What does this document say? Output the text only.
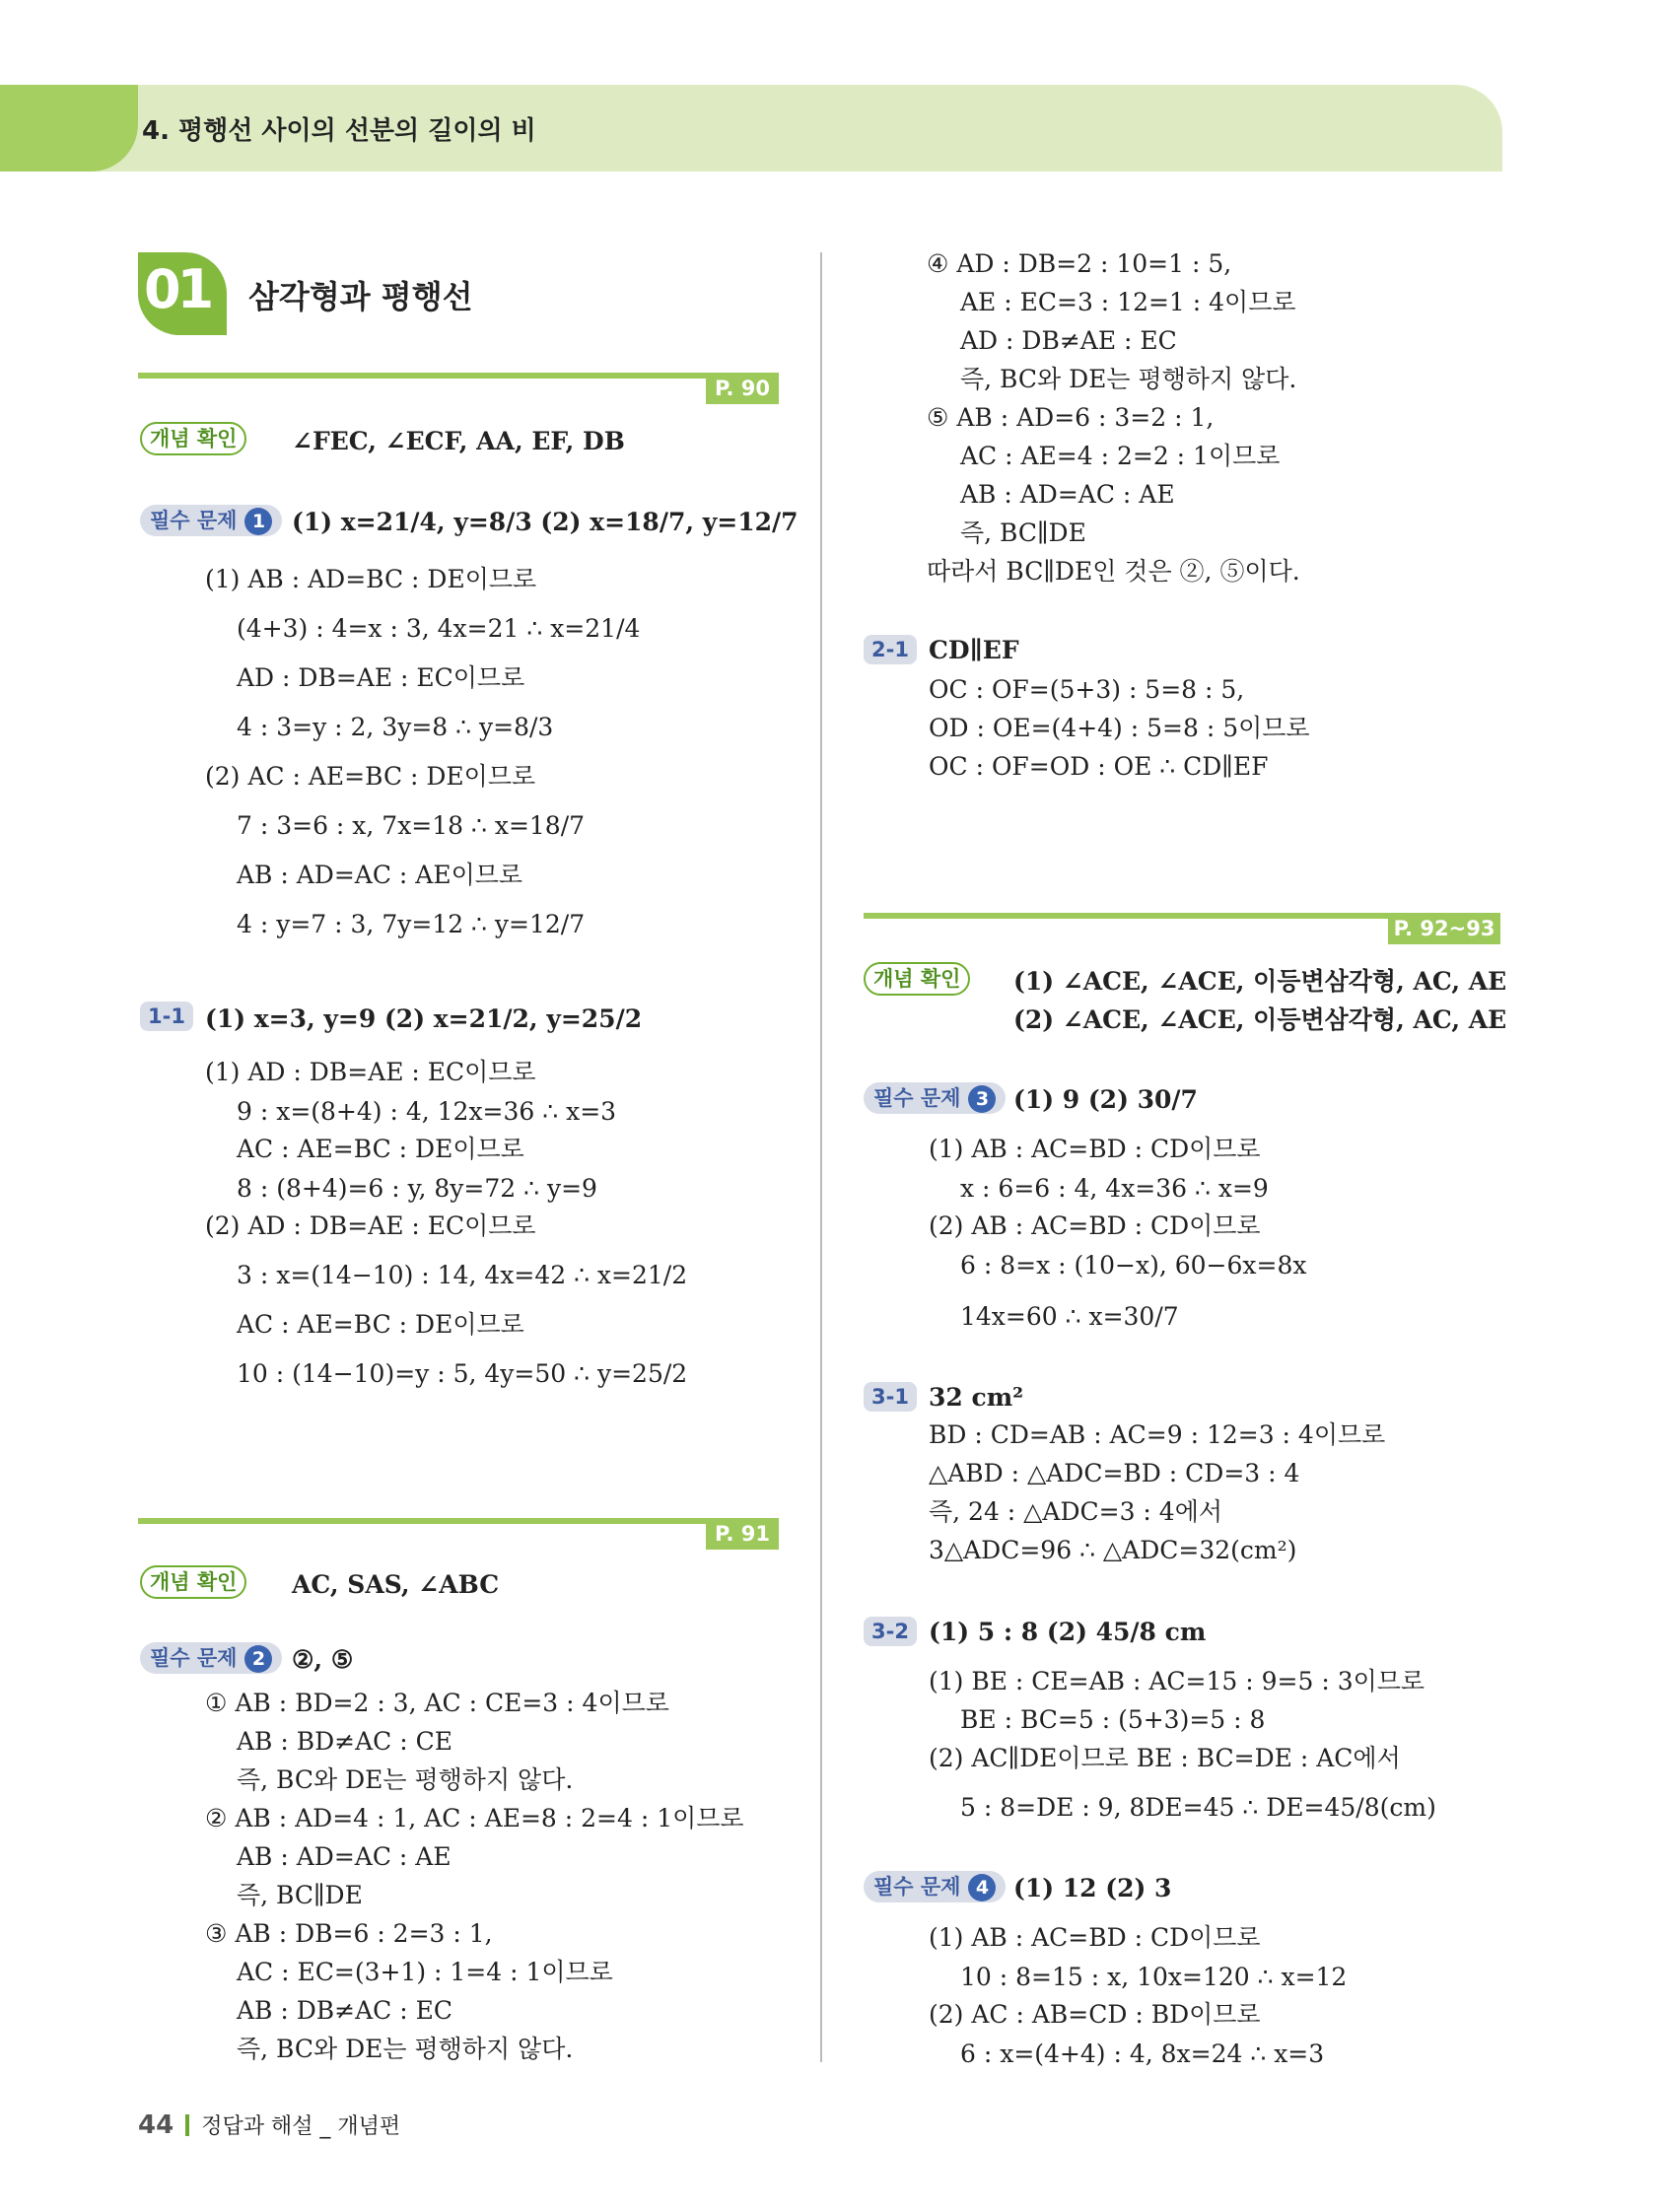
4. 평행선 사이의 선분의 길이의 비
01 삼각형과 평행선
P. 90
개념 확인	∠FEC, ∠ECF, AA, EF, DB
필수 문제 1	(1) x=21/4, y=8/3 (2) x=18/7, y=12/7
(1) AB : AD=BC : DE이므로
(4+3) : 4=x : 3, 4x=21 ∴ x=21/4
AD : DB=AE : EC이므로
4 : 3=y : 2, 3y=8 ∴ y=8/3
(2) AC : AE=BC : DE이므로
7 : 3=6 : x, 7x=18 ∴ x=18/7
AB : AD=AC : AE이므로
4 : y=7 : 3, 7y=12 ∴ y=12/7
1-1 (1) x=3, y=9 (2) x=21/2, y=25/2
(1) AD : DB=AE : EC이므로
9 : x=(8+4) : 4, 12x=36 ∴ x=3
AC : AE=BC : DE이므로
8 : (8+4)=6 : y, 8y=72 ∴ y=9
(2) AD : DB=AE : EC이므로
3 : x=(14−10) : 14, 4x=42 ∴ x=21/2
AC : AE=BC : DE이므로
10 : (14−10)=y : 5, 4y=50 ∴ y=25/2
P. 91
개념 확인	AC, SAS, ∠ABC
필수 문제 2	②, ⑤
① AB : BD=2 : 3, AC : CE=3 : 4이므로
AB : BD≠AC : CE
즉, BC와 DE는 평행하지 않다.
② AB : AD=4 : 1, AC : AE=8 : 2=4 : 1이므로
AB : AD=AC : AE
즉, BC∥DE
③ AB : DB=6 : 2=3 : 1,
AC : EC=(3+1) : 1=4 : 1이므로
AB : DB≠AC : EC
즉, BC와 DE는 평행하지 않다.
④ AD : DB=2 : 10=1 : 5,
AE : EC=3 : 12=1 : 4이므로
AD : DB≠AE : EC
즉, BC와 DE는 평행하지 않다.
⑤ AB : AD=6 : 3=2 : 1,
AC : AE=4 : 2=2 : 1이므로
AB : AD=AC : AE
즉, BC∥DE
따라서 BC∥DE인 것은 ②, ⑤이다.
2-1 CD∥EF
OC : OF=(5+3) : 5=8 : 5,
OD : OE=(4+4) : 5=8 : 5이므로
OC : OF=OD : OE ∴ CD∥EF
P. 92~93
개념 확인	(1) ∠ACE, ∠ACE, 이등변삼각형, AC, AE
(2) ∠ACE, ∠ACE, 이등변삼각형, AC, AE
필수 문제 3 (1) 9 (2) 30/7
(1) AB : AC=BD : CD이므로
x : 6=6 : 4, 4x=36 ∴ x=9
(2) AB : AC=BD : CD이므로
6 : 8=x : (10−x), 60−6x=8x
14x=60 ∴ x=30/7
3-1 32 cm²
BD : CD=AB : AC=9 : 12=3 : 4이므로
△ABD : △ADC=BD : CD=3 : 4
즉, 24 : △ADC=3 : 4에서
3△ADC=96 ∴ △ADC=32(cm²)
3-2 (1) 5 : 8 (2) 45/8 cm
(1) BE : CE=AB : AC=15 : 9=5 : 3이므로
BE : BC=5 : (5+3)=5 : 8
(2) AC∥DE이므로 BE : BC=DE : AC에서
5 : 8=DE : 9, 8DE=45 ∴ DE=45/8(cm)
필수 문제 4 (1) 12 (2) 3
(1) AB : AC=BD : CD이므로
10 : 8=15 : x, 10x=120 ∴ x=12
(2) AC : AB=CD : BD이므로
6 : x=(4+4) : 4, 8x=24 ∴ x=3
44 정답과 해설 _ 개념편
